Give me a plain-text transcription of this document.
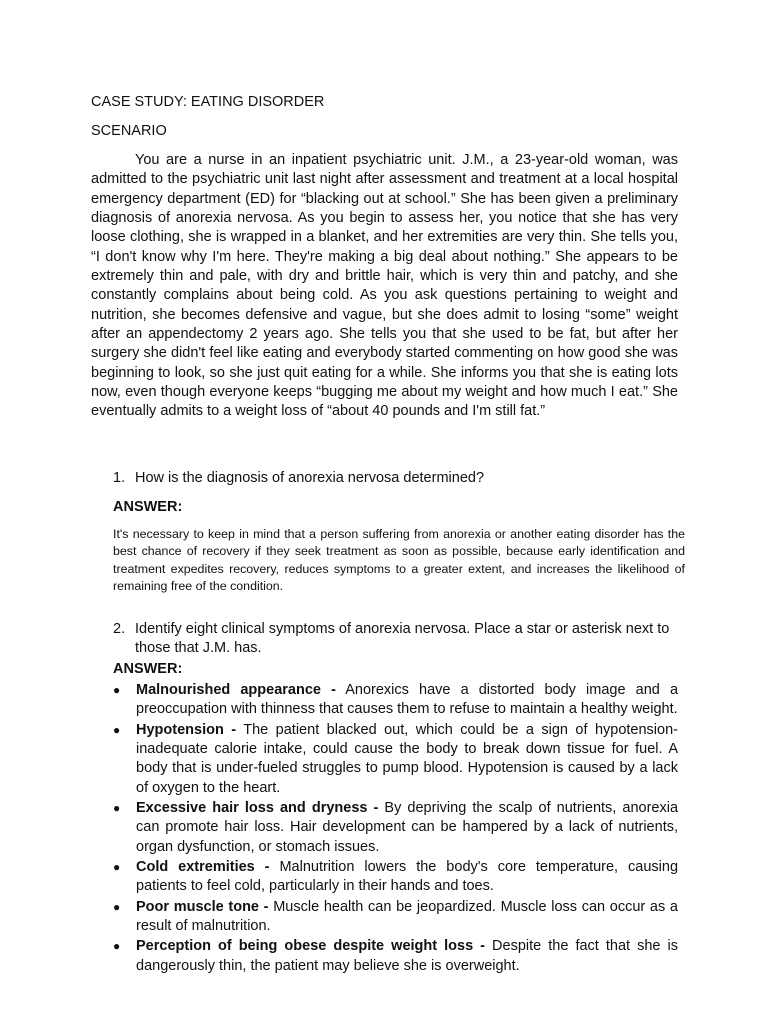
CASE STUDY: EATING DISORDER
SCENARIO

You are a nurse in an inpatient psychiatric unit. J.M., a 23-year-old woman, was admitted to the psychiatric unit last night after assessment and treatment at a local hospital emergency department (ED) for “blacking out at school.” She has been given a preliminary diagnosis of anorexia nervosa. As you begin to assess her, you notice that she has very loose clothing, she is wrapped in a blanket, and her extremities are very thin. She tells you, “I don't know why I'm here. They're making a big deal about nothing.” She appears to be extremely thin and pale, with dry and brittle hair, which is very thin and patchy, and she constantly complains about being cold. As you ask questions pertaining to weight and nutrition, she becomes defensive and vague, but she does admit to losing “some” weight after an appendectomy 2 years ago. She tells you that she used to be fat, but after her surgery she didn't feel like eating and everybody started commenting on how good she was beginning to look, so she just quit eating for a while. She informs you that she is eating lots now, even though everyone keeps “bugging me about my weight and how much I eat.” She eventually admits to a weight loss of “about 40 pounds and I'm still fat.”

1. How is the diagnosis of anorexia nervosa determined?

ANSWER:

It's necessary to keep in mind that a person suffering from anorexia or another eating disorder has the best chance of recovery if they seek treatment as soon as possible, because early identification and treatment expedites recovery, reduces symptoms to a greater extent, and increases the likelihood of remaining free of the condition.

2. Identify eight clinical symptoms of anorexia nervosa. Place a star or asterisk next to those that J.M. has.

ANSWER:

● Malnourished appearance - Anorexics have a distorted body image and a preoccupation with thinness that causes them to refuse to maintain a healthy weight.
● Hypotension - The patient blacked out, which could be a sign of hypotension-inadequate calorie intake, could cause the body to break down tissue for fuel. A body that is under-fueled struggles to pump blood. Hypotension is caused by a lack of oxygen to the heart.
● Excessive hair loss and dryness - By depriving the scalp of nutrients, anorexia can promote hair loss. Hair development can be hampered by a lack of nutrients, organ dysfunction, or stomach issues.
● Cold extremities - Malnutrition lowers the body's core temperature, causing patients to feel cold, particularly in their hands and toes.
● Poor muscle tone - Muscle health can be jeopardized. Muscle loss can occur as a result of malnutrition.
● Perception of being obese despite weight loss - Despite the fact that she is dangerously thin, the patient may believe she is overweight.
